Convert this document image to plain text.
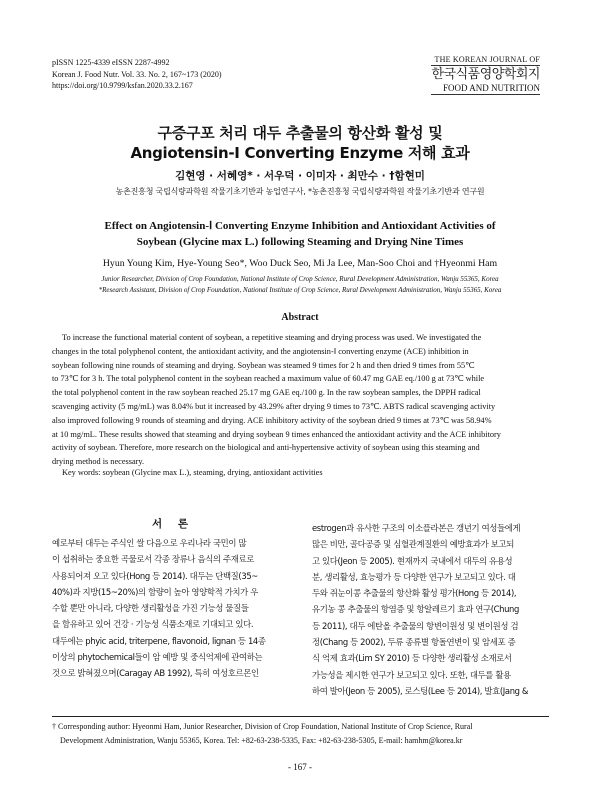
pISSN 1225-4339 eISSN 2287-4992
Korean J. Food Nutr. Vol. 33. No. 2, 167~173 (2020)
https://doi.org/10.9799/ksfan.2020.33.2.167
THE KOREAN JOURNAL OF
한국식품영양학회지
FOOD AND NUTRITION
구증구포 처리 대두 추출물의 항산화 활성 및
Angiotensin-Ⅰ Converting Enzyme 저해 효과
김현영 · 서혜영* · 서우덕 · 이미자 · 최만수 · †함현미
농촌진흥청 국립식량과학원 작물기초기반과 농업연구사, *농촌진흥청 국립식량과학원 작물기초기반과 연구원
Effect on Angiotensin-Ⅰ Converting Enzyme Inhibition and Antioxidant Activities of
Soybean (Glycine max L.) following Steaming and Drying Nine Times
Hyun Young Kim, Hye-Young Seo*, Woo Duck Seo, Mi Ja Lee, Man-Soo Choi and †Hyeonmi Ham
Junior Researcher, Division of Crop Foundation, National Institute of Crop Science, Rural Development Administration, Wanju 55365, Korea
*Research Assistant, Division of Crop Foundation, National Institute of Crop Science, Rural Development Administration, Wanju 55365, Korea
Abstract
To increase the functional material content of soybean, a repetitive steaming and drying process was used. We investigated the
changes in the total polyphenol content, the antioxidant activity, and the angiotensin-Ⅰ converting enzyme (ACE) inhibition in
soybean following nine rounds of steaming and drying. Soybean was steamed 9 times for 2 h and then dried 9 times from 55℃
to 73℃ for 3 h. The total polyphenol content in the soybean reached a maximum value of 60.47 mg GAE eq./100 g at 73℃ while
the total polyphenol content in the raw soybean reached 25.17 mg GAE eq./100 g. In the raw soybean samples, the DPPH radical
scavenging activity (5 mg/mL) was 8.04% but it increased by 43.29% after drying 9 times to 73℃. ABTS radical scavenging activity
also improved following 9 rounds of steaming and drying. ACE inhibitory activity of the soybean dried 9 times at 73℃ was 58.94%
at 10 mg/mL. These results showed that steaming and drying soybean 9 times enhanced the antioxidant activity and the ACE inhibitory
activity of soybean. Therefore, more research on the biological and anti-hypertensive activity of soybean using this steaming and
drying method is necessary.
Key words: soybean (Glycine max L.), steaming, drying, antioxidant activities
서 론
예로부터 대두는 주식인 쌀 다음으로 우리나라 국민이 많
이 섭취하는 중요한 곡물로서 각종 장류나 음식의 주재료로
사용되어져 오고 있다(Hong 등 2014). 대두는 단백질(35~
40%)과 지방(15~20%)의 함량이 높아 영양학적 가치가 우
수할 뿐만 아니라, 다양한 생리활성을 가진 기능성 물질들
을 함유하고 있어 건강 · 기능성 식품소재로 기대되고 있다.
대두에는 phyic acid, triterpene, flavonoid, lignan 등 14종
이상의 phytochemical들이 암 예방 및 중식억제에 관여하는
것으로 밝혀졌으며(Caragay AB 1992), 특히 여성호르몬인
estrogen과 유사한 구조의 이소플라본은 갱년기 여성들에게
많은 비만, 골다공증 및 심혈관계질환의 예방효과가 보고되
고 있다(Jeon 등 2005). 현재까지 국내에서 대두의 유용성
분, 생리활성, 효능평가 등 다양한 연구가 보고되고 있다. 대
두와 쥐눈이콩 추출물의 항산화 활성 평가(Hong 등 2014),
유기농 콩 추출물의 항염증 및 항알레르기 효과 연구(Chung
등 2011), 대두 에탄올 추출물의 항변이원성 및 변이원성 검
정(Chang 등 2002), 두류 종류별 항돌연변이 및 암세포 증
식 억제 효과(Lim SY 2010) 등 다양한 생리활성 소재로서
가능성을 제시한 연구가 보고되고 있다. 또한, 대두를 활용
하여 발아(Jeon 등 2005), 로스팅(Lee 등 2014), 발효(Jang &
† Corresponding author: Hyeonmi Ham, Junior Researcher, Division of Crop Foundation, National Institute of Crop Science, Rural
Development Administration, Wanju 55365, Korea. Tel: +82-63-238-5335, Fax: +82-63-238-5305, E-mail: hamhm@korea.kr
- 167 -
